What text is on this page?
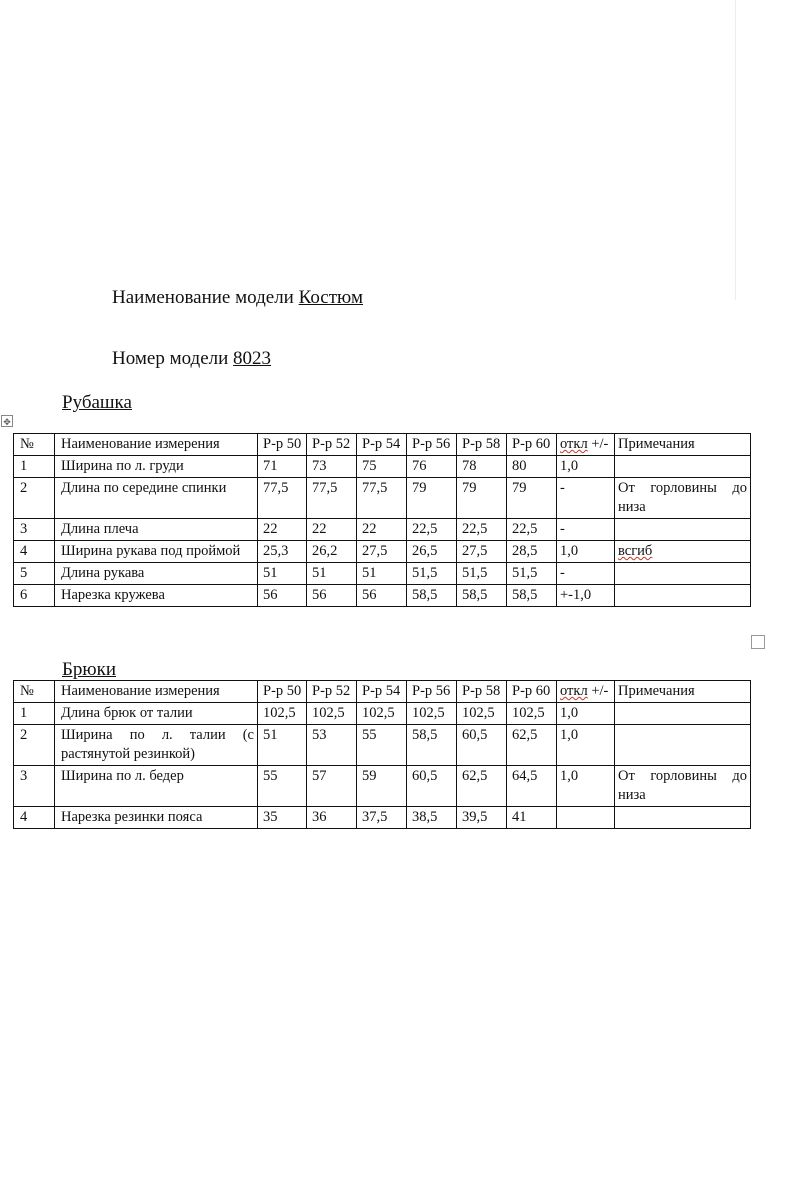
Наименование модели Костюм
Номер модели 8023
Рубашка
✥
№	Наименование измерения	Р-р 50	Р-р 52	Р-р 54	Р-р 56	Р-р 58	Р-р 60	откл +/-	Примечания
1	Ширина по л. груди	71	73	75	76	78	80	1,0	
2	Длина по середине спинки	77,5	77,5	77,5	79	79	79	-	От горловины до низа
3	Длина плеча	22	22	22	22,5	22,5	22,5	-	
4	Ширина рукава под проймой	25,3	26,2	27,5	26,5	27,5	28,5	1,0	всгиб
5	Длина рукава	51	51	51	51,5	51,5	51,5	-	
6	Нарезка кружева	56	56	56	58,5	58,5	58,5	+-1,0	
Брюки
№	Наименование измерения	Р-р 50	Р-р 52	Р-р 54	Р-р 56	Р-р 58	Р-р 60	откл +/-	Примечания
1	Длина брюк от талии	102,5	102,5	102,5	102,5	102,5	102,5	1,0	
2	Ширина по л. талии (с растянутой резинкой)	51	53	55	58,5	60,5	62,5	1,0	
3	Ширина по л. бедер	55	57	59	60,5	62,5	64,5	1,0	От горловины до низа
4	Нарезка резинки пояса	35	36	37,5	38,5	39,5	41		
